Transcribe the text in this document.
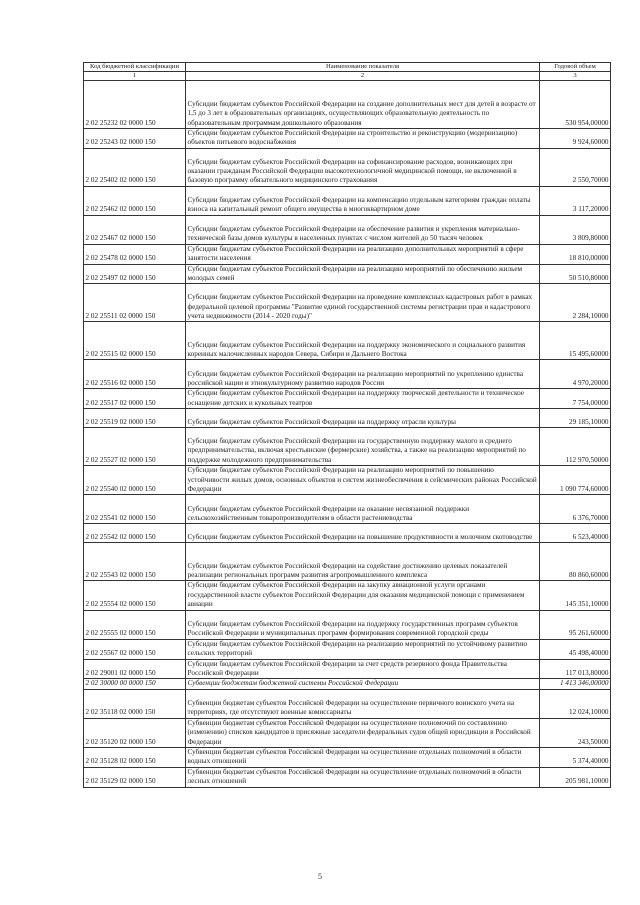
Код бюджетной классификации	Наименование показателя	Годовой объем
1	2	3
2 02 25232 02 0000 150	Субсидии бюджетам субъектов Российской Федерации на создание дополнительных мест для детей в возрасте от 1,5 до 3 лет в образовательных организациях, осуществляющих образовательную деятельность по образовательным программам дошкольного образования	530 954,00000
2 02 25243 02 0000 150	Субсидии бюджетам субъектов Российской Федерации на строительство и реконструкцию (модернизацию) объектов питьевого водоснабжения	9 924,60000
2 02 25402 02 0000 150	Субсидии бюджетам субъектов Российской Федерации на софинансирование расходов, возникающих при оказании гражданам Российской Федерации высокотехнологичной медицинской помощи, не включенной в базовую программу обязательного медицинского страхования	2 550,70000
2 02 25462 02 0000 150	Субсидии бюджетам субъектов Российской Федерации на компенсацию отдельным категориям граждан оплаты взноса на капитальный ремонт общего имущества в многоквартирном доме	3 117,20000
2 02 25467 02 0000 150	Субсидии бюджетам субъектов Российской Федерации на обеспечение развития и укрепления материально-технической базы домов культуры в населенных пунктах с числом жителей до 50 тысяч человек	3 809,80000
2 02 25478 02 0000 150	Субсидии бюджетам субъектов Российской Федерации на реализацию дополнительных мероприятий в сфере занятости населения	18 810,00000
2 02 25497 02 0000 150	Субсидии бюджетам субъектов Российской Федерации на реализацию мероприятий по обеспечению жильем молодых семей	50 510,80000
2 02 25511 02 0000 150	Субсидии бюджетам субъектов Российской Федерации на проведение комплексных кадастровых работ в рамках федеральной целевой программы "Развитие единой государственной системы регистрации прав и кадастрового учета недвижимости (2014 - 2020 годы)"	2 284,10000
2 02 25515 02 0000 150	Субсидии бюджетам субъектов Российской Федерации на поддержку экономического и социального развития коренных малочисленных народов Севера, Сибири и Дальнего Востока	15 495,60000
2 02 25516 02 0000 150	Субсидии бюджетам субъектов Российской Федерации на реализацию мероприятий по укреплению единства российской нации и этнокультурному развитию народов России	4 970,20000
2 02 25517 02 0000 150	Субсидии бюджетам субъектов Российской Федерации на поддержку творческой деятельности и техническое оснащение детских и кукольных театров	7 754,00000
2 02 25519 02 0000 150	Субсидии бюджетам субъектов Российской Федерации на поддержку отрасли культуры	29 185,10000
2 02 25527 02 0000 150	Субсидии бюджетам субъектов Российской Федерации на государственную поддержку малого и среднего предпринимательства, включая крестьянские (фермерские) хозяйства, а также на реализацию мероприятий по поддержке молодежного предпринимательства	112 970,50000
2 02 25540 02 0000 150	Субсидии бюджетам субъектов Российской Федерации на реализацию мероприятий по повышению устойчивости жилых домов, основных объектов и систем жизнеобеспечения в сейсмических районах Российской Федерации	1 090 774,60000
2 02 25541 02 0000 150	Субсидии бюджетам субъектов Российской Федерации на оказание несвязанной поддержки сельскохозяйственным товаропроизводителям в области растениеводства	6 376,70000
2 02 25542 02 0000 150	Субсидии бюджетам субъектов Российской Федерации на повышение продуктивности в молочном скотоводстве	6 523,40000
2 02 25543 02 0000 150	Субсидии бюджетам субъектов Российской Федерации на содействие достижению целевых показателей реализации региональных программ развития агропромышленного комплекса	80 860,60000
2 02 25554 02 0000 150	Субсидии бюджетам субъектов Российской Федерации на закупку авиационной услуги органами государственной власти субъектов Российской Федерации для оказания медицинской помощи с применением авиации	145 351,10000
2 02 25555 02 0000 150	Субсидии бюджетам субъектов Российской Федерации на поддержку государственных программ субъектов Российской Федерации и муниципальных программ формирования современной городской среды	95 261,60000
2 02 25567 02 0000 150	Субсидии бюджетам субъектов Российской Федерации на реализацию мероприятий по устойчивому развитию сельских территорий	45 498,40000
2 02 29001 02 0000 150	Субсидии бюджетам субъектов Российской Федерации за счет средств резервного фонда Правительства Российской Федерации	117 013,80000
2 02 30000 00 0000 150	Субвенции бюджетам бюджетной системы Российской Федерации	1 413 346,00000
2 02 35118 02 0000 150	Субвенции бюджетам субъектов Российской Федерации на осуществление первичного воинского учета на территориях, где отсутствуют военные комиссариаты	12 024,10000
2 02 35120 02 0000 150	Субвенции бюджетам субъектов Российской Федерации на осуществление полномочий по составлению (изменению) списков кандидатов в присяжные заседатели федеральных судов общей юрисдикции в Российской Федерации	243,50000
2 02 35128 02 0000 150	Субвенции бюджетам субъектов Российской Федерации на осуществление отдельных полномочий в области водных отношений	5 374,40000
2 02 35129 02 0000 150	Субвенции бюджетам субъектов Российской Федерации на осуществление отдельных полномочий в области лесных отношений	205 981,10000
5
